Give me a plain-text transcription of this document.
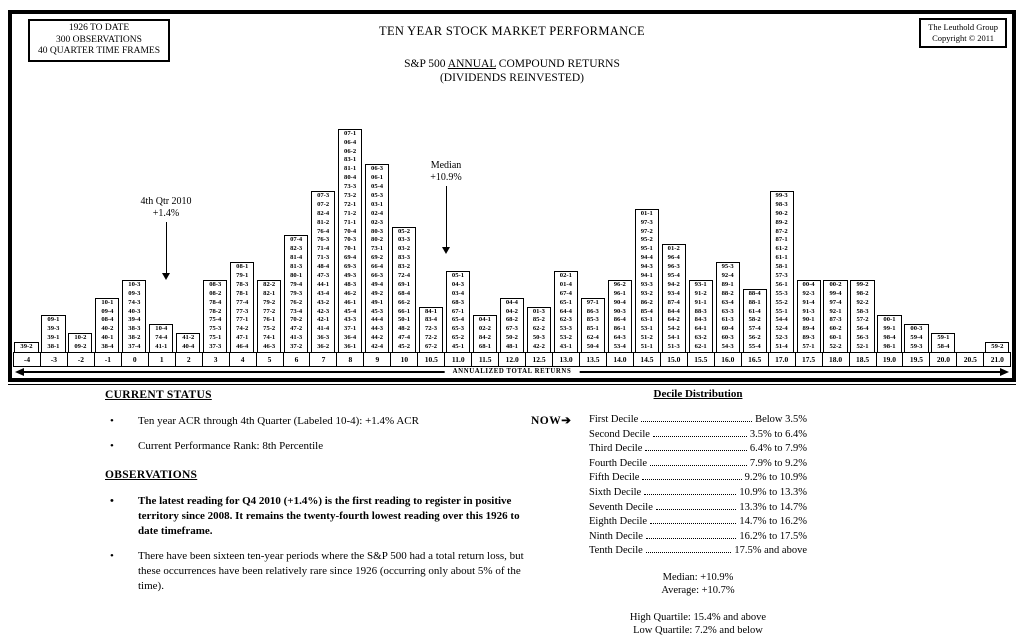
1926 TO DATE
300 OBSERVATIONS
40 QUARTER TIME FRAMES
TEN YEAR STOCK MARKET PERFORMANCE
S&P 500 ANNUAL COMPOUND RETURNS
(DIVIDENDS REINVESTED)
The Leuthold Group
Copyright © 2011
4th Qtr 2010
+1.4%
Median
+10.9%
39-2
09-1
39-3
39-1
38-1
10-2
09-2
10-1
09-4
08-4
40-2
40-1
38-4
10-3
09-3
74-3
40-3
39-4
38-3
38-2
37-4
10-4
74-4
41-1
41-2
40-4
08-3
08-2
78-4
78-2
75-4
75-3
75-1
37-3
08-1
79-1
78-3
78-1
77-4
77-3
77-1
74-2
47-1
46-4
82-2
82-1
79-2
77-2
76-1
75-2
74-1
46-3
07-4
82-3
81-4
81-3
80-1
79-4
79-3
76-2
73-4
70-2
47-2
41-3
37-2
07-3
07-2
82-4
81-2
76-4
76-3
71-4
71-3
48-4
47-3
44-1
43-4
43-2
42-3
42-1
41-4
36-3
36-2
07-1
06-4
06-2
83-1
81-1
80-4
73-3
73-2
72-1
71-2
71-1
70-4
70-3
70-1
69-4
69-3
49-3
48-3
46-2
46-1
45-4
43-3
37-1
36-4
36-1
06-3
06-1
05-4
05-3
03-1
02-4
02-3
80-3
80-2
73-1
69-2
66-4
66-3
49-4
49-2
49-1
45-3
44-4
44-3
44-2
42-4
05-2
03-3
03-2
83-3
83-2
72-4
69-1
68-4
66-2
66-1
50-1
48-2
47-4
45-2
84-1
83-4
72-3
72-2
67-2
05-1
04-3
03-4
68-3
67-1
65-4
65-3
65-2
45-1
04-1
02-2
84-2
68-1
04-4
04-2
68-2
67-3
50-2
48-1
01-3
85-2
62-2
50-3
42-2
02-1
01-4
67-4
65-1
64-4
62-3
53-3
53-2
43-1
97-1
86-3
85-3
85-1
62-4
50-4
96-2
96-1
90-4
90-3
86-4
86-1
64-3
53-4
01-1
97-3
97-2
95-2
95-1
94-4
94-3
94-1
93-3
93-2
86-2
85-4
63-1
53-1
51-2
51-1
01-2
96-4
96-3
95-4
94-2
93-4
87-4
84-4
64-2
54-2
54-1
51-3
93-1
91-2
91-1
88-3
84-3
64-1
63-2
62-1
95-3
92-4
89-1
88-2
63-4
63-3
61-3
60-4
60-3
54-3
88-4
88-1
61-4
58-2
57-4
56-2
55-4
99-3
98-3
90-2
89-2
87-2
87-1
61-2
61-1
58-1
57-3
56-1
55-3
55-2
55-1
54-4
52-4
52-3
51-4
00-4
92-3
91-4
91-3
90-1
89-4
89-3
57-1
00-2
99-4
97-4
92-1
87-3
60-2
60-1
52-2
99-2
98-2
92-2
58-3
57-2
56-4
56-3
52-1
00-1
99-1
98-4
98-1
00-3
59-4
59-3
59-1
58-4	59-2
-4	-3	-2	-1	0	1	2	3	4	5	6	7	8	9	10	10.5	11.0	11.5	12.0	12.5	13.0	13.5	14.0	14.5	15.0	15.5	16.0	16.5	17.0	17.5	18.0	18.5	19.0	19.5	20.0	20.5	21.0
ANNUALIZED TOTAL RETURNS
CURRENT STATUS
•	Ten year ACR through 4th Quarter (Labeled 10-4): +1.4% ACR
•	Current Performance Rank: 8th Percentile
OBSERVATIONS
•	The latest reading for Q4 2010 (+1.4%) is the first reading to register in positive territory since 2008. It remains the twenty-fourth lowest reading over this 1926 to date timeframe.
•	There have been sixteen ten-year periods where the S&P 500 had a total return loss, but these occurrences have been relatively rare since 1926 (occurring only about 5% of the time).
Decile Distribution
NOW➔ First Decile	Below 3.5%
Second Decile	3.5% to 6.4%
Third Decile	6.4% to 7.9%
Fourth Decile	7.9% to 9.2%
Fifth Decile	9.2% to 10.9%
Sixth Decile	10.9% to 13.3%
Seventh Decile	13.3% to 14.7%
Eighth Decile	14.7% to 16.2%
Ninth Decile	16.2% to 17.5%
Tenth Decile	17.5% and above
Median: +10.9%
Average: +10.7%
High Quartile: 15.4% and above
Low Quartile: 7.2% and below
